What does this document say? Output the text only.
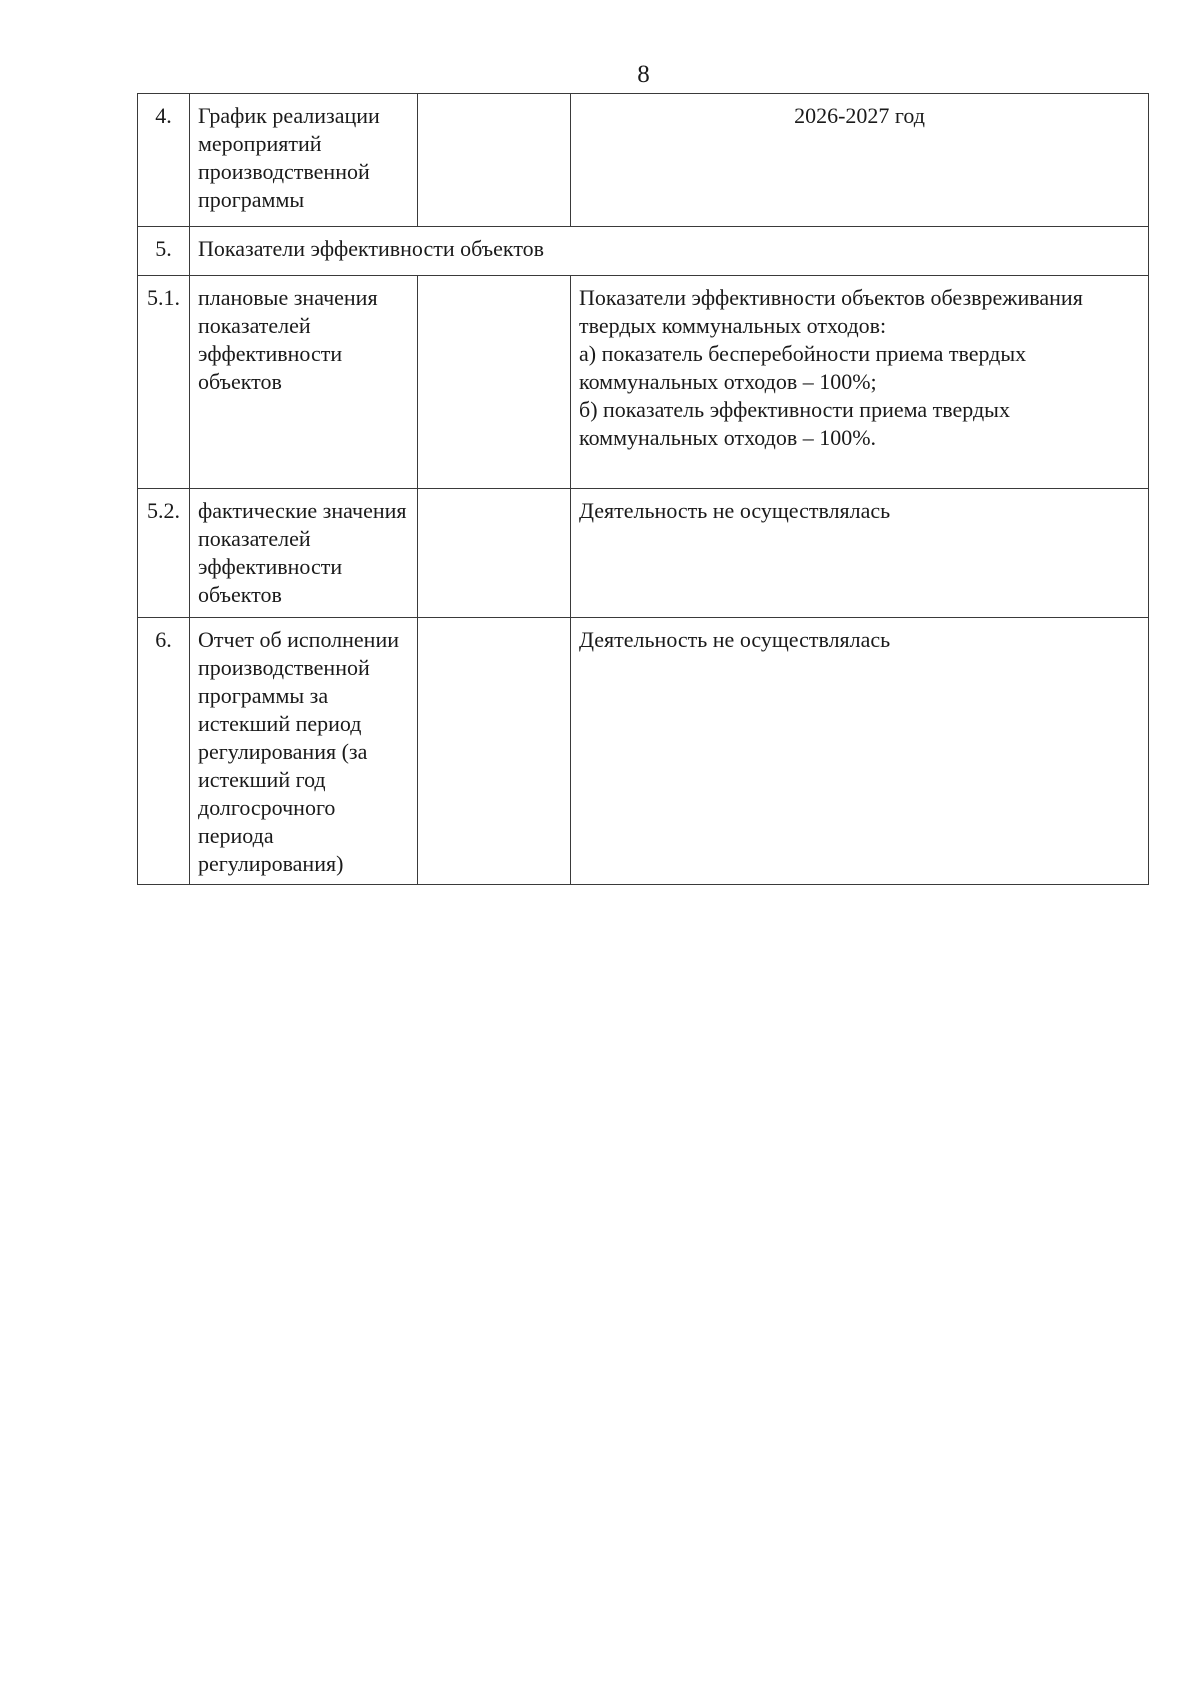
8
4.	График реализации мероприятий производственной программы		2026-2027 год
5.	Показатели эффективности объектов		
5.1.	плановые значения показателей эффективности объектов		Показатели эффективности объектов обезвреживания твердых коммунальных отходов:
а) показатель бесперебойности приема твердых коммунальных отходов – 100%;
б) показатель эффективности приема твердых коммунальных отходов – 100%.

5.2.	фактические значения показателей эффективности объектов		Деятельность не осуществлялась
6.	Отчет об исполнении производственной программы за истекший период регулирования (за истекший год долгосрочного периода регулирования)		Деятельность не осуществлялась
